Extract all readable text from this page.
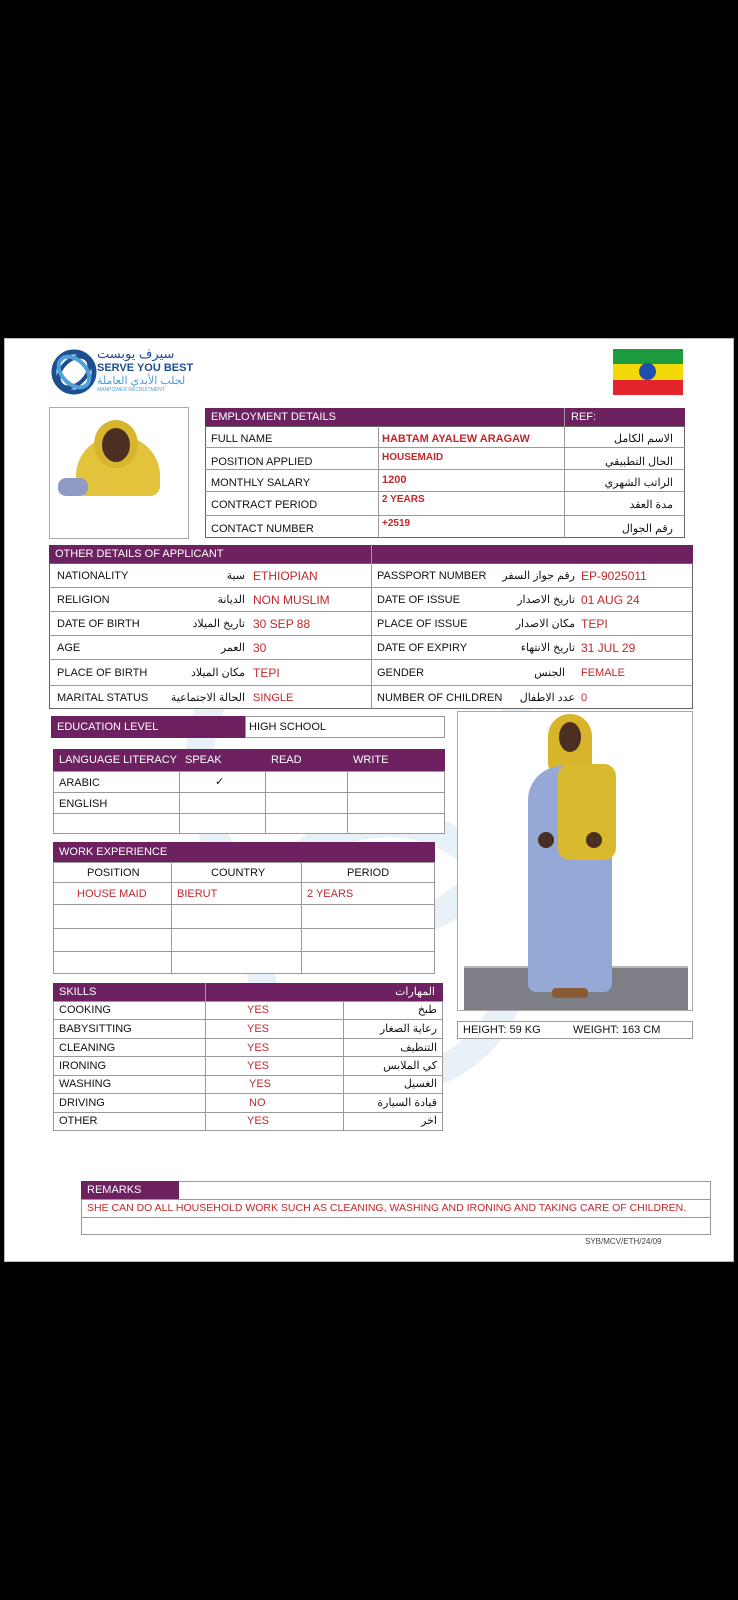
سيرف يوبست
SERVE YOU BEST
لجلب الأيدي العاملة
MANPOWER RECRUITMENT
EMPLOYMENT DETAILS	REF:
FULL NAME	HABTAM AYALEW ARAGAW	الاسم الكامل
POSITION APPLIED	HOUSEMAID	الحال التطبيقي
MONTHLY SALARY	1200	الراتب الشهري
CONTRACT PERIOD	2 YEARS	مدة العقد
CONTACT NUMBER	+2519	رقم الجوال
OTHER DETAILS OF APPLICANT
NATIONALITY	سية ETHIOPIAN
RELIGION	الديانة NON MUSLIM
DATE OF BIRTH	تاريخ الميلاد 30 SEP 88
AGE	العمر 30
PLACE OF BIRTH	مكان الميلاد TEPI
MARITAL STATUS الحالة الاجتماعية SINGLE
PASSPORT NUMBER رقم جواز السفر EP-9025011
DATE OF ISSUE	تاريخ الاصدار 01 AUG 24
PLACE OF ISSUE	مكان الاصدار TEPI
DATE OF EXPIRY	تاريخ الانتهاء 31 JUL 29
GENDER	الجنس FEMALE
NUMBER OF CHILDREN عدد الاطفال 0
EDUCATION LEVEL	HIGH SCHOOL
LANGUAGE LITERACY SPEAK	READ	WRITE
ARABIC	✓
ENGLISH
WORK EXPERIENCE
POSITION	COUNTRY	PERIOD
HOUSE MAID	BIERUT	2 YEARS
HEIGHT: 59 KG	WEIGHT: 163 CM
SKILLS	المهارات
COOKING	YES	طبخ
BABYSITTING	YES	رعاية الصغار
CLEANING	YES	التنظيف
IRONING	YES	كي الملابس
WASHING	YES	الغسيل
DRIVING	NO	قيادة السيارة
OTHER	YES	اخر
REMARKS
SHE CAN DO ALL HOUSEHOLD WORK SUCH AS CLEANING, WASHING AND IRONING AND TAKING CARE OF CHILDREN.
SYB/MCV/ETH/24/09
